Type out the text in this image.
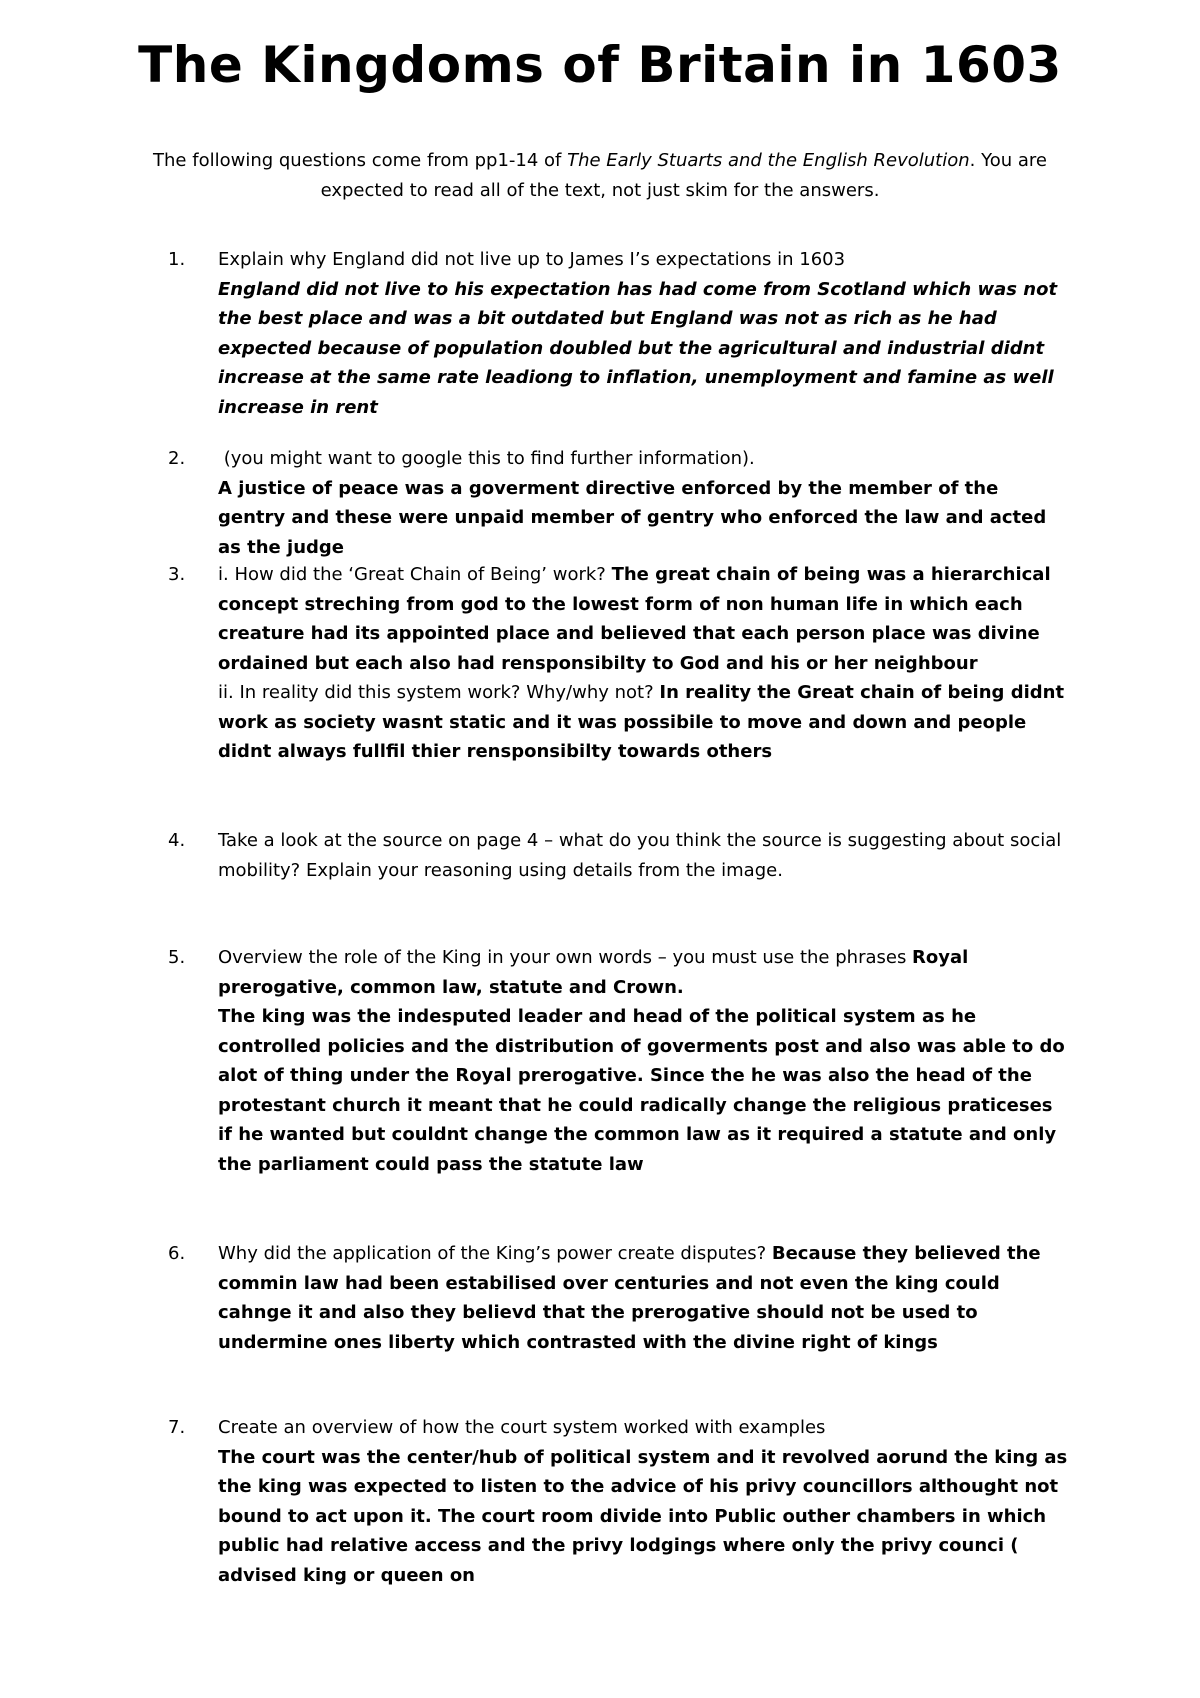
The Kingdoms of Britain in 1603

The following questions come from pp1-14 of The Early Stuarts and the English Revolution. You are expected to read all of the text, not just skim for the answers.

1.	Explain why England did not live up to James I’s expectations in 1603

England did not live to his expectation has had come from Scotland which was not the best place and was a bit outdated but England was not as rich as he had expected because of population doubled but the agricultural and industrial didnt increase at the same rate leadiong to inflation, unemployment and famine as well increase in rent

2.	(you might want to google this to find further information).

A justice of peace was a goverment directive enforced by the member of the gentry and these were unpaid member of gentry who enforced the law and acted as the judge

3.	i. How did the ‘Great Chain of Being’ work? The great chain of being was a hierarchical concept streching from god to the lowest form of non human life in which each creature had its appointed place and believed that each person place was divine ordained but each also had rensponsibilty to God and his or her neighbour

ii. In reality did this system work? Why/why not? In reality the Great chain of being didnt work as society wasnt static and it was possibile to move and down and people didnt always fullfil thier rensponsibilty towards others

4.	Take a look at the source on page 4 – what do you think the source is suggesting about social mobility? Explain your reasoning using details from the image.

5.	Overview the role of the King in your own words – you must use the phrases Royal prerogative, common law, statute and Crown.

The king was the indesputed leader and head of the political system as he controlled policies and the distribution of goverments post and also was able to do alot of thing under the Royal prerogative. Since the he was also the head of the protestant church it meant that he could radically change the religious praticeses if he wanted but couldnt change the common law as it required a statute and only the parliament could pass the statute law

6.	Why did the application of the King’s power create disputes? Because they believed the commin law had been estabilised over centuries and not even the king could cahnge it and also they believd that the prerogative should not be used to undermine ones liberty which contrasted with the divine right of kings

7.	Create an overview of how the court system worked with examples

The court was the center/hub of political system and it revolved aorund the king as the king was expected to listen to the advice of his privy councillors althought not bound to act upon it. The court room divide into Public outher chambers in which public had relative access and the privy lodgings where only the privy counci ( advised king or queen on
